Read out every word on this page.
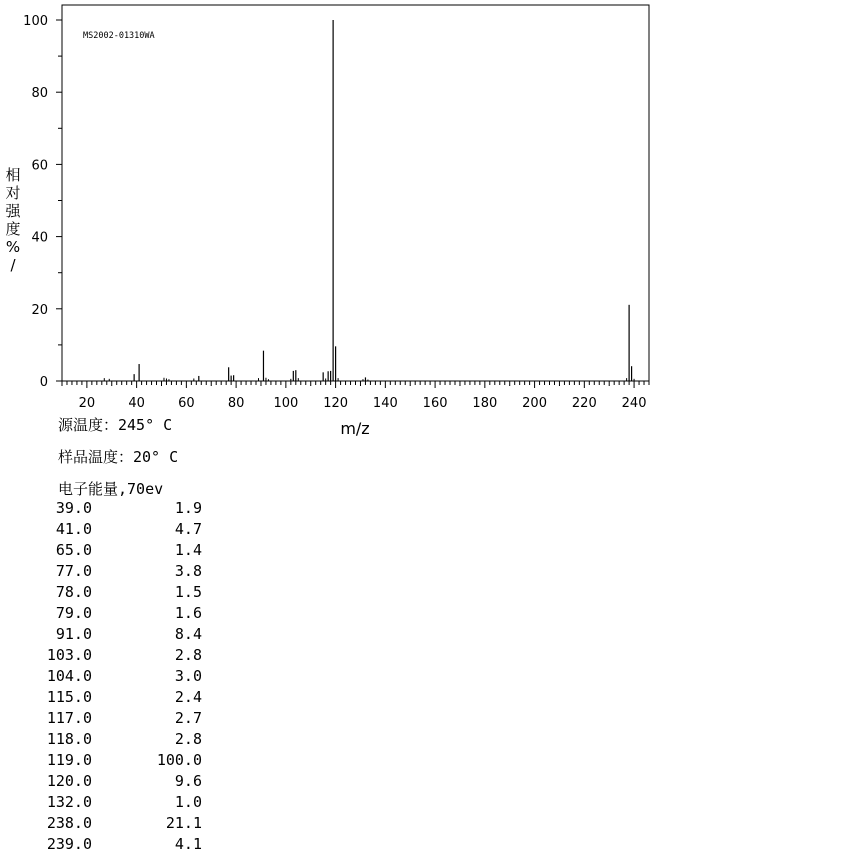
MS2002-01310WA
0
20
40
60
80
100
20	40	60	80 100 120 140 160 180 200 220 240
m/z
相
对
强
度
%
/
源温度：245° C
样品温度：20° C
电子能量,70ev
39.0	1.9
41.0	4.7
65.0	1.4
77.0	3.8
78.0	1.5
79.0	1.6
91.0	8.4
103.0	2.8
104.0	3.0
115.0	2.4
117.0	2.7
118.0	2.8
119.0	100.0
120.0	9.6
132.0	1.0
238.0	21.1
239.0	4.1
